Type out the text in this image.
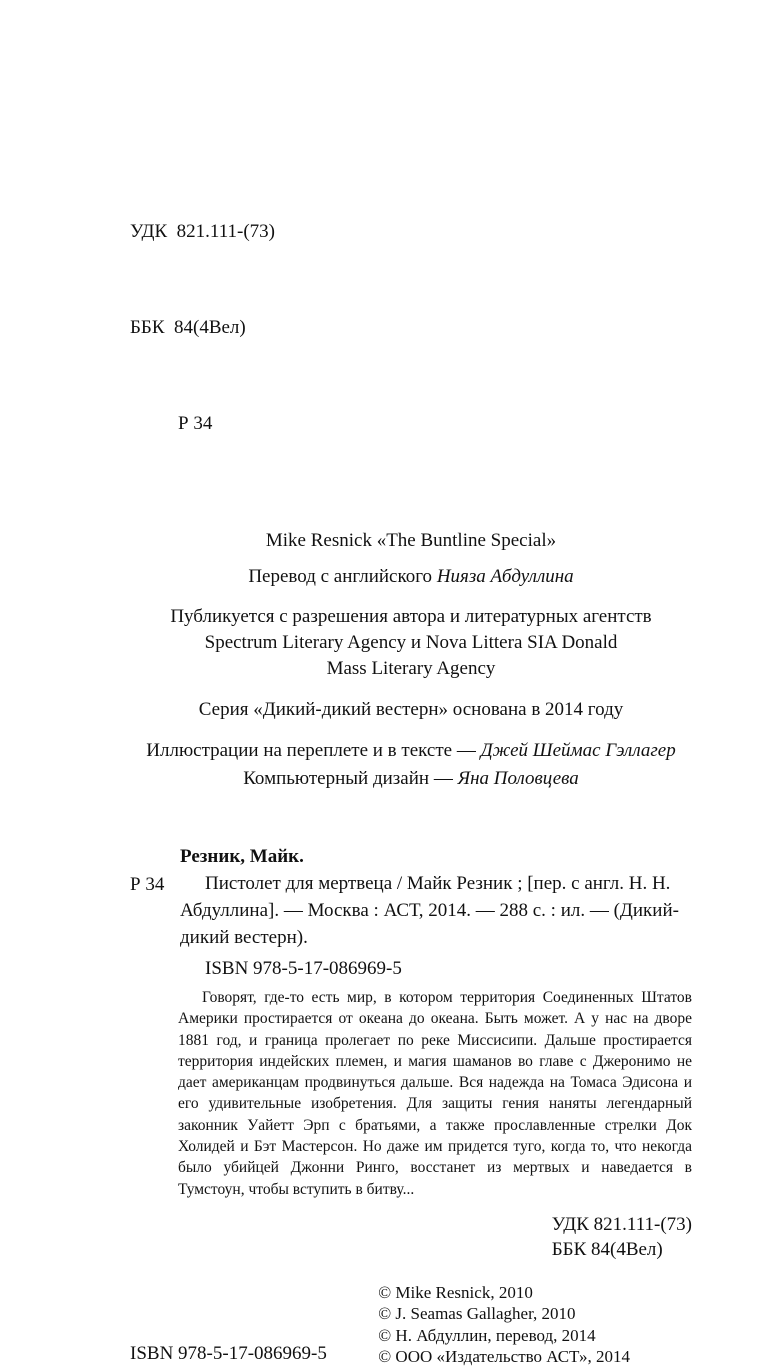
УДК  821.111-(73)

ББК  84(4Вел)

Р 34

Mike Resnick «The Buntline Special»

Перевод с английского Нияза Абдуллина

Публикуется с разрешения автора и литературных агентств
Spectrum Literary Agency и Nova Littera SIA Donald
Mass Literary Agency

Серия «Дикий-дикий вестерн» основана в 2014 году

Иллюстрации на переплете и в тексте — Джей Шеймас Гэллагер
Компьютерный дизайн — Яна Половцева

Резник, Майк.

Р 34	Пистолет для мертвеца / Майк Резник ; [пер. с англ. Н. Н. Абдуллина]. — Москва : АСТ, 2014. — 288 с. : ил. — (Дикий-дикий вестерн).

ISBN 978-5-17-086969-5

Говорят, где-то есть мир, в котором территория Соединенных Штатов Америки простирается от океана до океана. Быть может. А у нас на дворе 1881 год, и граница пролегает по реке Миссисипи. Дальше простирается территория индейских племен, и магия шаманов во главе с Джеронимо не дает американцам продвинуться дальше. Вся надежда на Томаса Эдисона и его удивительные изобретения. Для защиты гения наняты легендарный законник Уайетт Эрп с братьями, а также прославленные стрелки Док Холидей и Бэт Мастерсон. Но даже им придется туго, когда то, что некогда было убийцей Джонни Ринго, восстанет из мертвых и наведается в Тумстоун, чтобы вступить в битву...

УДК 821.111-(73)
ББК 84(4Вел)
ISBN 978-5-17-086969-5
© Mike Resnick, 2010
© J. Seamas Gallagher, 2010
© Н. Абдуллин, перевод, 2014
© ООО «Издательство АСТ», 2014
